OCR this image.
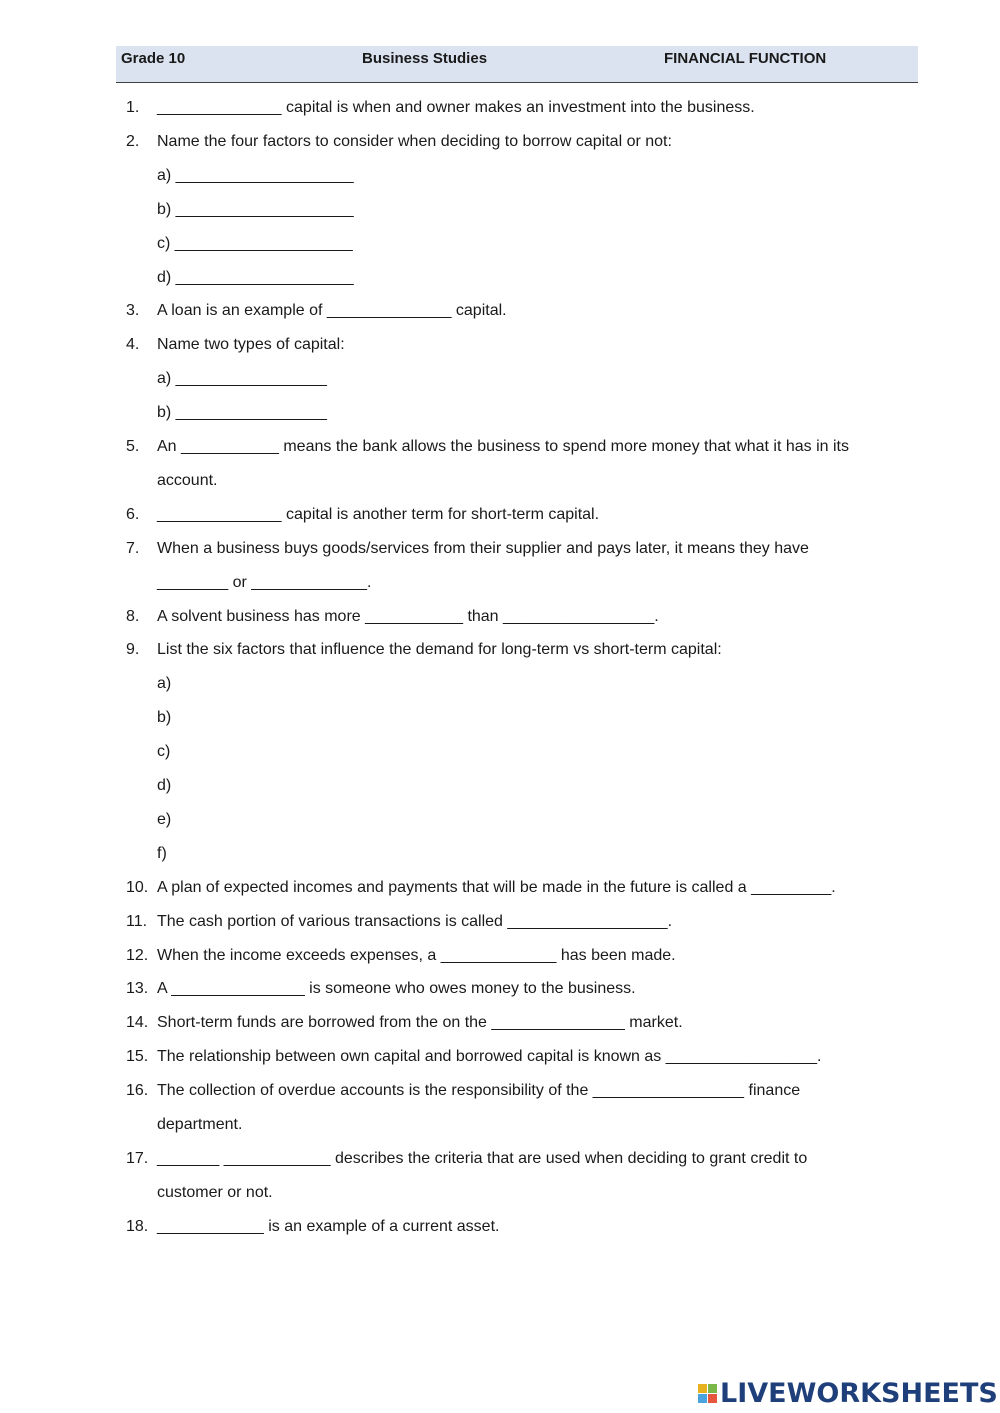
Grade 10	Business Studies	FINANCIAL FUNCTION
1. ______________ capital is when and owner makes an investment into the business.
2. Name the four factors to consider when deciding to borrow capital or not:
a) ____________________
b) ____________________
c) ____________________
d) ____________________
3. A loan is an example of ______________ capital.
4. Name two types of capital:
a) _________________
b) _________________
5. An ___________ means the bank allows the business to spend more money that what it has in its
account.
6. ______________ capital is another term for short-term capital.
7. When a business buys goods/services from their supplier and pays later, it means they have
________ or _____________.
8. A solvent business has more ___________ than _________________.
9. List the six factors that influence the demand for long-term vs short-term capital:
a)
b)
c)
d)
e)
f)
10. A plan of expected incomes and payments that will be made in the future is called a _________.
11. The cash portion of various transactions is called __________________.
12. When the income exceeds expenses, a _____________ has been made.
13. A _______________ is someone who owes money to the business.
14. Short-term funds are borrowed from the on the _______________ market.
15. The relationship between own capital and borrowed capital is known as _________________.
16. The collection of overdue accounts is the responsibility of the _________________ finance
department.
17. _______ ____________ describes the criteria that are used when deciding to grant credit to
customer or not.
18. ____________ is an example of a current asset.
LIVEWORKSHEETS
